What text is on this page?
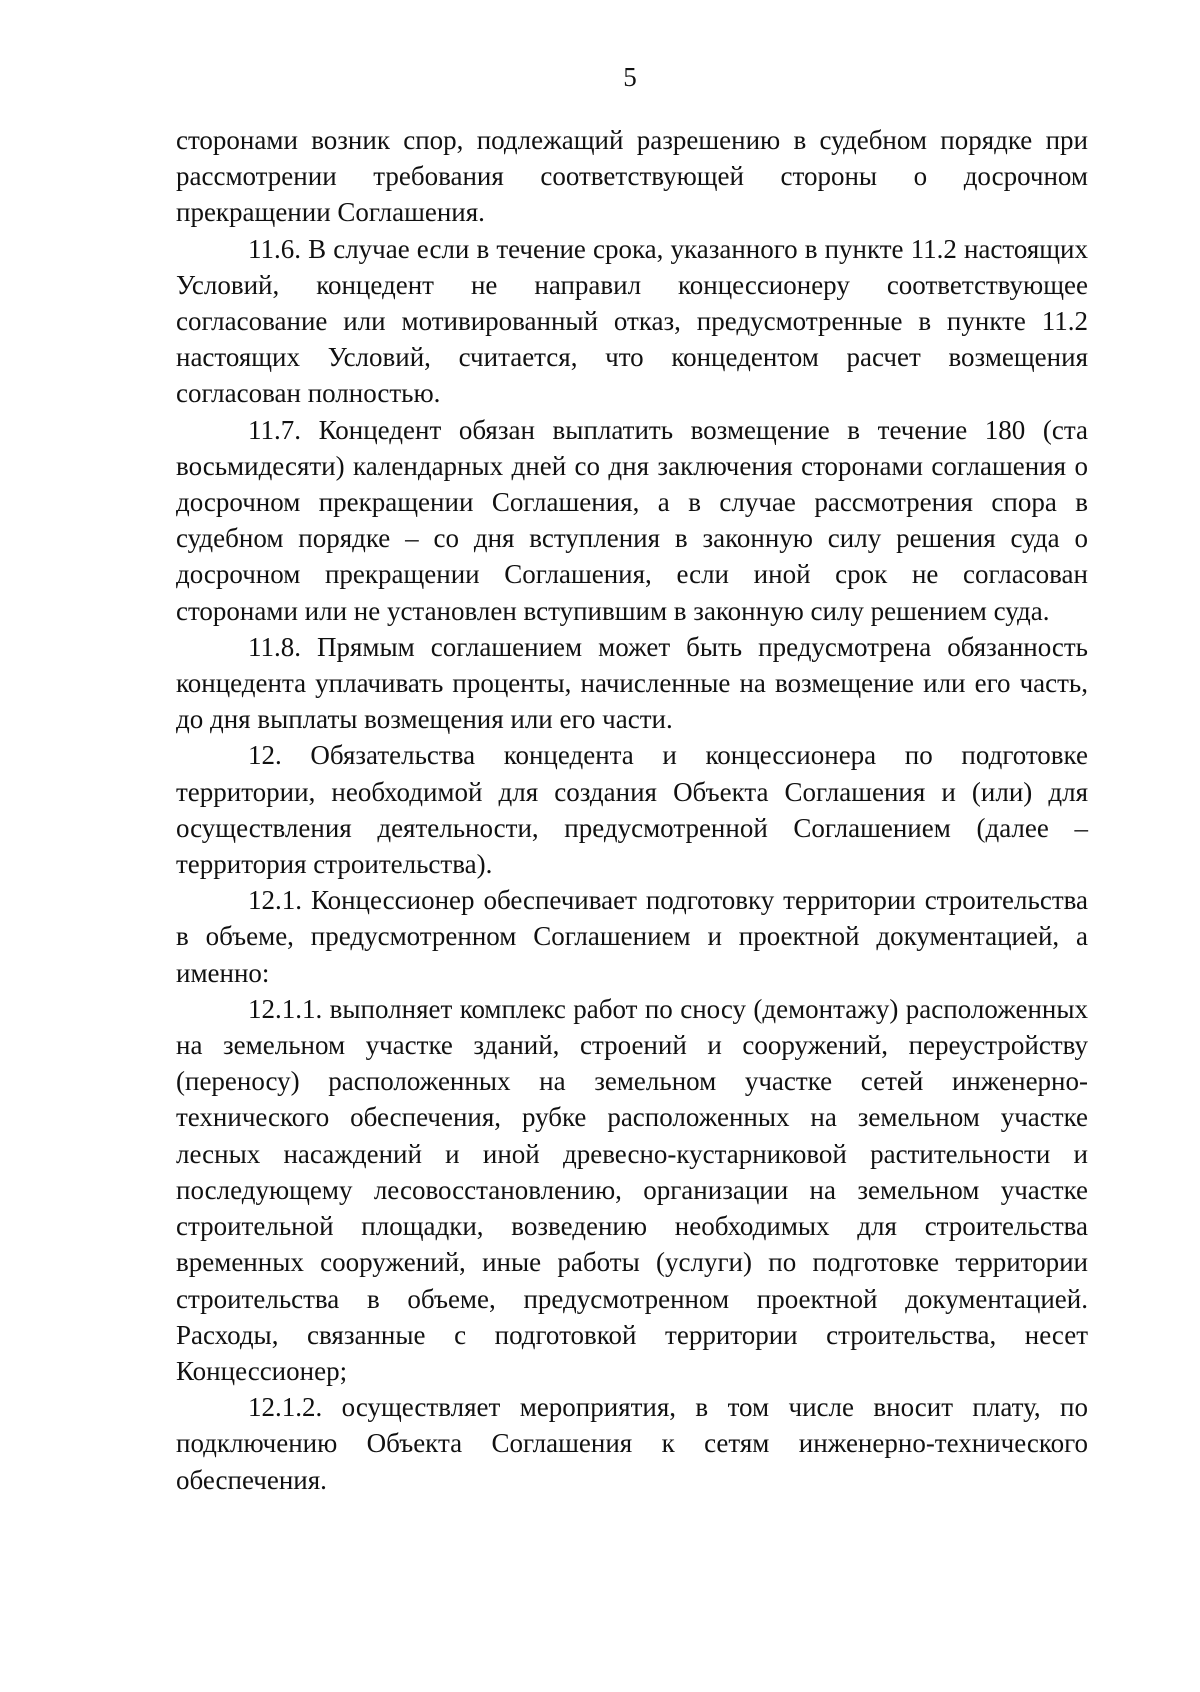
5

сторонами возник спор, подлежащий разрешению в судебном порядке при рассмотрении требования соответствующей стороны о досрочном прекращении Соглашения.

11.6. В случае если в течение срока, указанного в пункте 11.2 настоящих Условий, концедент не направил концессионеру соответствующее согласование или мотивированный отказ, предусмотренные в пункте 11.2 настоящих Условий, считается, что концедентом расчет возмещения согласован полностью.

11.7. Концедент обязан выплатить возмещение в течение 180 (ста восьмидесяти) календарных дней со дня заключения сторонами соглашения о досрочном прекращении Соглашения, а в случае рассмотрения спора в судебном порядке – со дня вступления в законную силу решения суда о досрочном прекращении Соглашения, если иной срок не согласован сторонами или не установлен вступившим в законную силу решением суда.

11.8. Прямым соглашением может быть предусмотрена обязанность концедента уплачивать проценты, начисленные на возмещение или его часть, до дня выплаты возмещения или его части.

12. Обязательства концедента и концессионера по подготовке территории, необходимой для создания Объекта Соглашения и (или) для осуществления деятельности, предусмотренной Соглашением (далее – территория строительства).

12.1. Концессионер обеспечивает подготовку территории строительства в объеме, предусмотренном Соглашением и проектной документацией, а именно:

12.1.1. выполняет комплекс работ по сносу (демонтажу) расположенных на земельном участке зданий, строений и сооружений, переустройству (переносу) расположенных на земельном участке сетей инженерно-технического обеспечения, рубке расположенных на земельном участке лесных насаждений и иной древесно-кустарниковой растительности и последующему лесовосстановлению, организации на земельном участке строительной площадки, возведению необходимых для строительства временных сооружений, иные работы (услуги) по подготовке территории строительства в объеме, предусмотренном проектной документацией. Расходы, связанные с подготовкой территории строительства, несет Концессионер;

12.1.2. осуществляет мероприятия, в том числе вносит плату, по подключению Объекта Соглашения к сетям инженерно-технического обеспечения.
